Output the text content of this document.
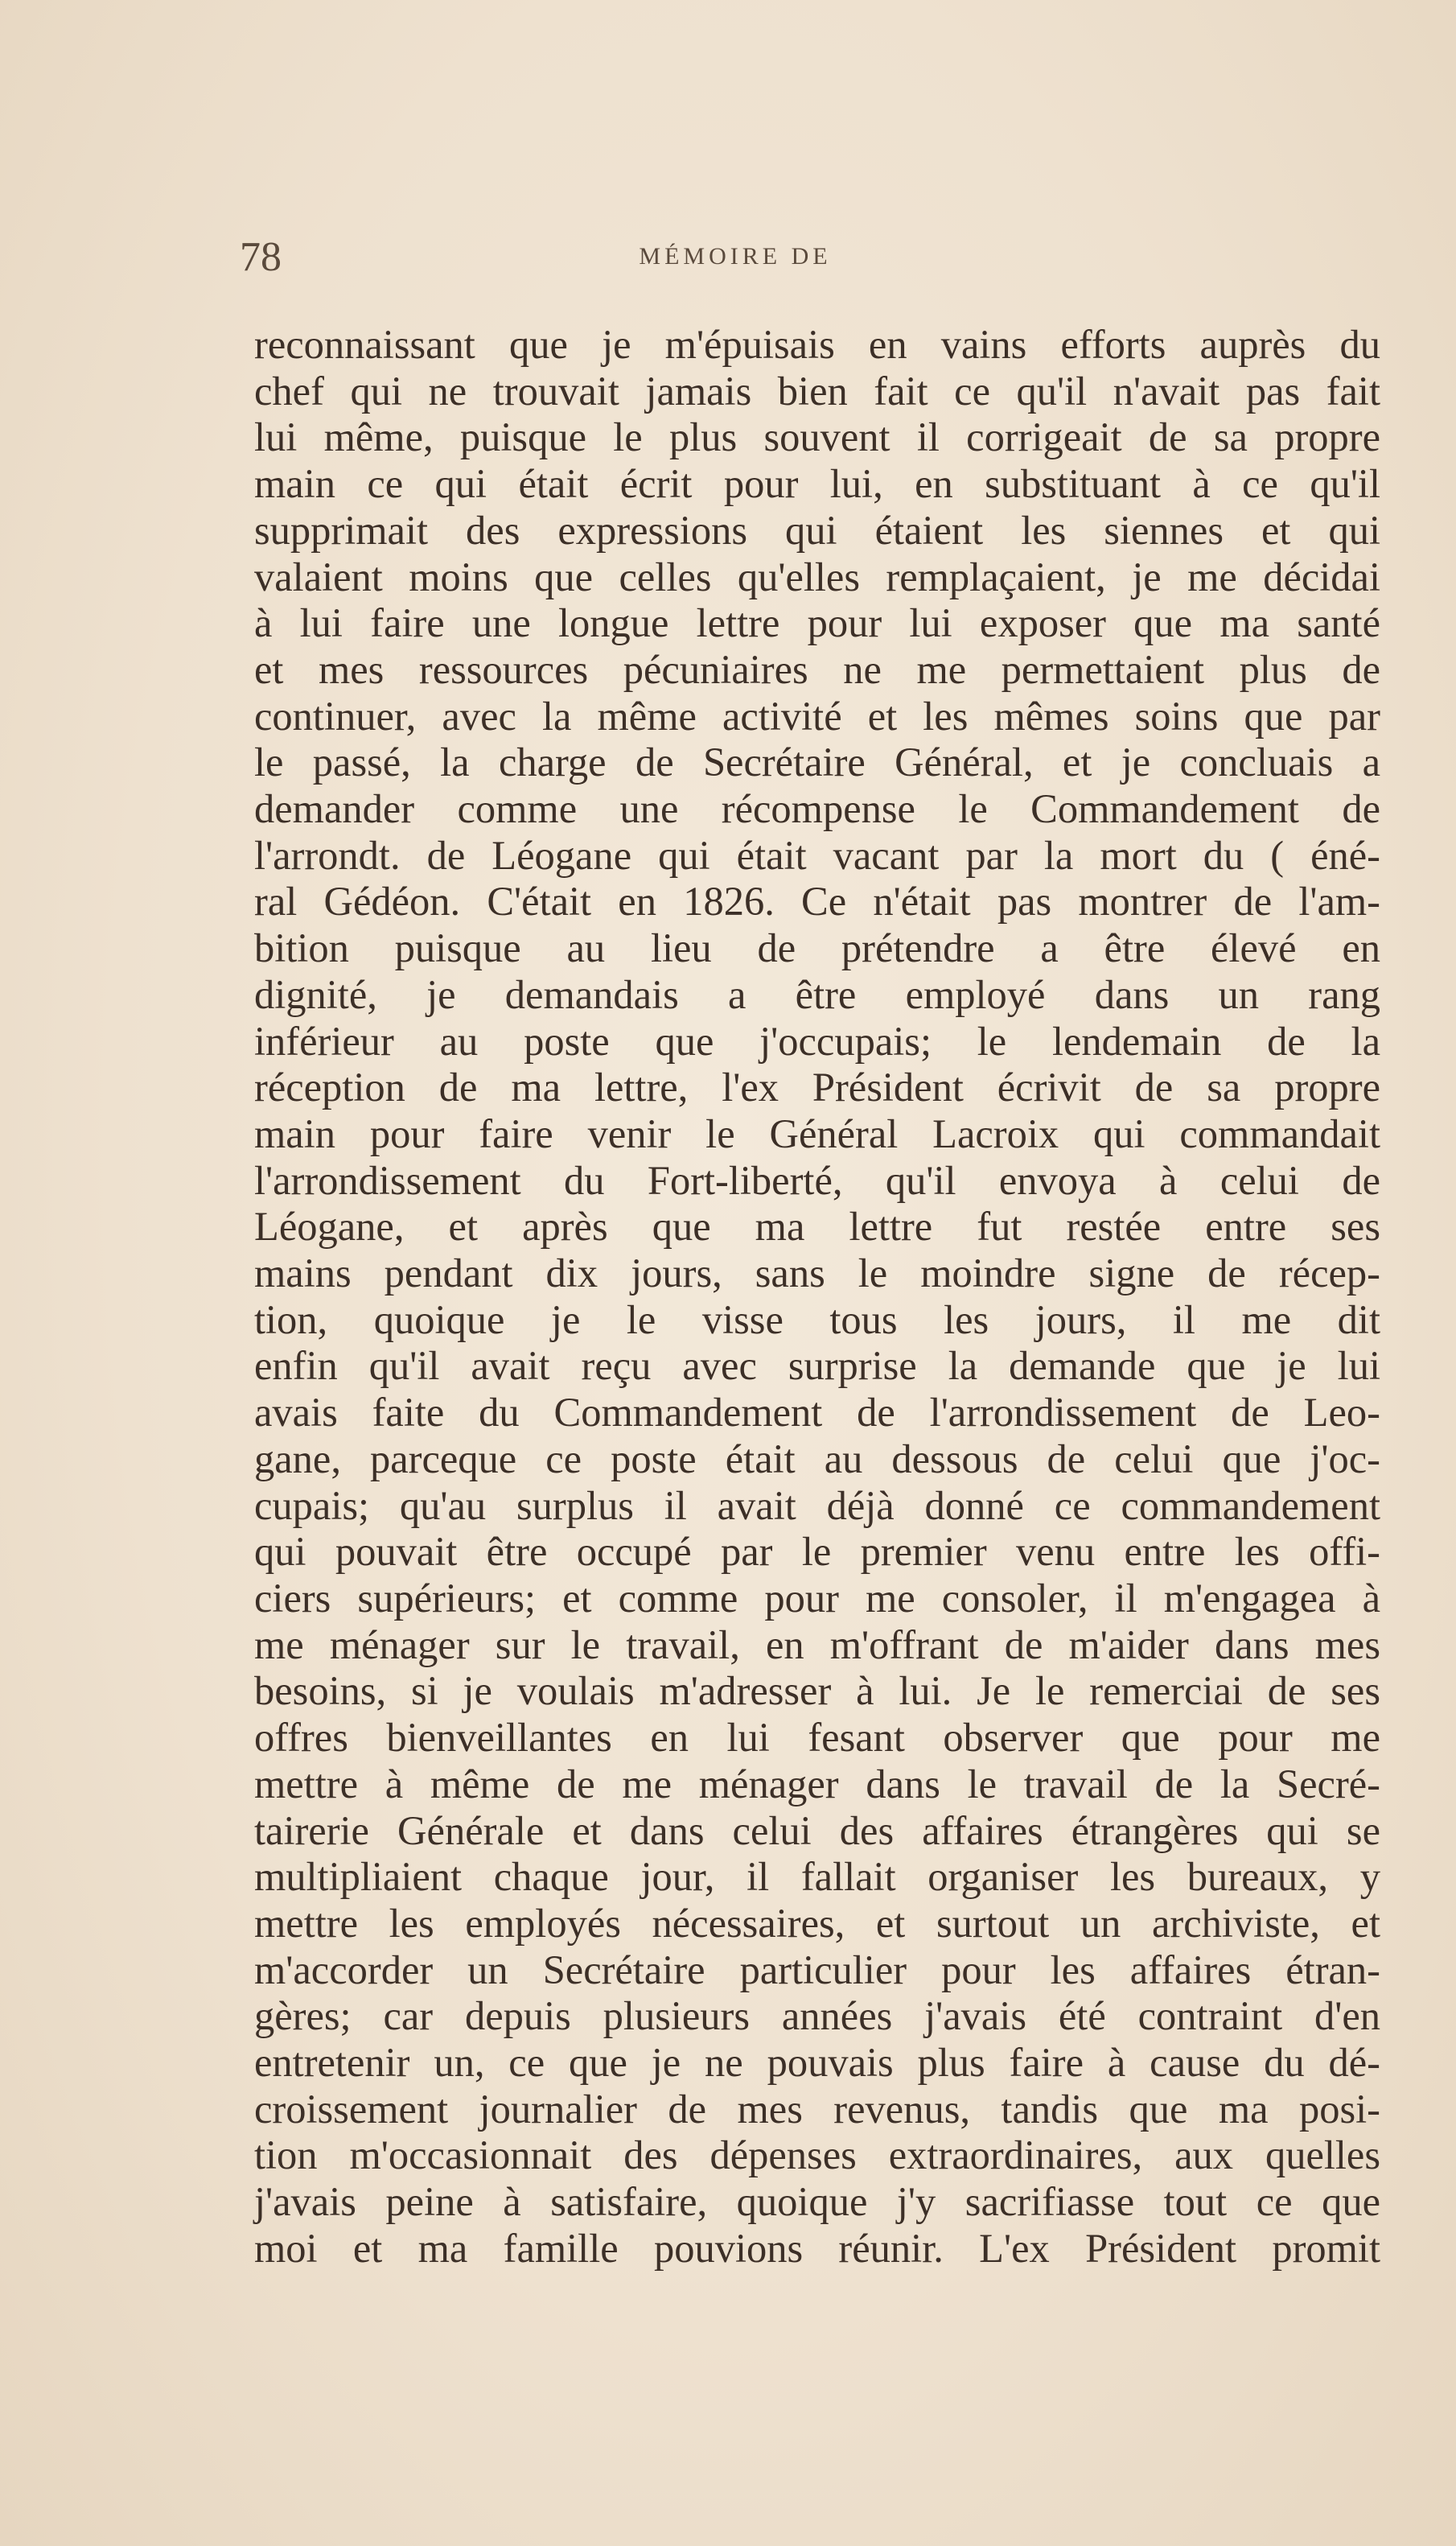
78	MÉMOIRE DE
reconnaissant que je m'épuisais en vains efforts auprès du
chef qui ne trouvait jamais bien fait ce qu'il n'avait pas fait
lui même, puisque le plus souvent il corrigeait de sa propre
main ce qui était écrit pour lui, en substituant à ce qu'il
supprimait des expressions qui étaient les siennes et qui
valaient moins que celles qu'elles remplaçaient, je me décidai
à lui faire une longue lettre pour lui exposer que ma santé
et mes ressources pécuniaires ne me permettaient plus de
continuer, avec la même activité et les mêmes soins que par
le passé, la charge de Secrétaire Général, et je concluais a
demander comme une récompense le Commandement de
l'arrondt. de Léogane qui était vacant par la mort du ( éné-
ral Gédéon. C'était en 1826. Ce n'était pas montrer de l'am-
bition puisque au lieu de prétendre a être élevé en
dignité, je demandais a être employé dans un rang
inférieur au poste que j'occupais; le lendemain de la
réception de ma lettre, l'ex Président écrivit de sa propre
main pour faire venir le Général Lacroix qui commandait
l'arrondissement du Fort-liberté, qu'il envoya à celui de
Léogane, et après que ma lettre fut restée entre ses
mains pendant dix jours, sans le moindre signe de récep-
tion, quoique je le visse tous les jours, il me dit
enfin qu'il avait reçu avec surprise la demande que je lui
avais faite du Commandement de l'arrondissement de Leo-
gane, parceque ce poste était au dessous de celui que j'oc-
cupais; qu'au surplus il avait déjà donné ce commandement
qui pouvait être occupé par le premier venu entre les offi-
ciers supérieurs; et comme pour me consoler, il m'engagea à
me ménager sur le travail, en m'offrant de m'aider dans mes
besoins, si je voulais m'adresser à lui. Je le remerciai de ses
offres bienveillantes en lui fesant observer que pour me
mettre à même de me ménager dans le travail de la Secré-
tairerie Générale et dans celui des affaires étrangères qui se
multipliaient chaque jour, il fallait organiser les bureaux, y
mettre les employés nécessaires, et surtout un archiviste, et
m'accorder un Secrétaire particulier pour les affaires étran-
gères; car depuis plusieurs années j'avais été contraint d'en
entretenir un, ce que je ne pouvais plus faire à cause du dé-
croissement journalier de mes revenus, tandis que ma posi-
tion m'occasionnait des dépenses extraordinaires, aux quelles
j'avais peine à satisfaire, quoique j'y sacrifiasse tout ce que
moi et ma famille pouvions réunir. L'ex Président promit
